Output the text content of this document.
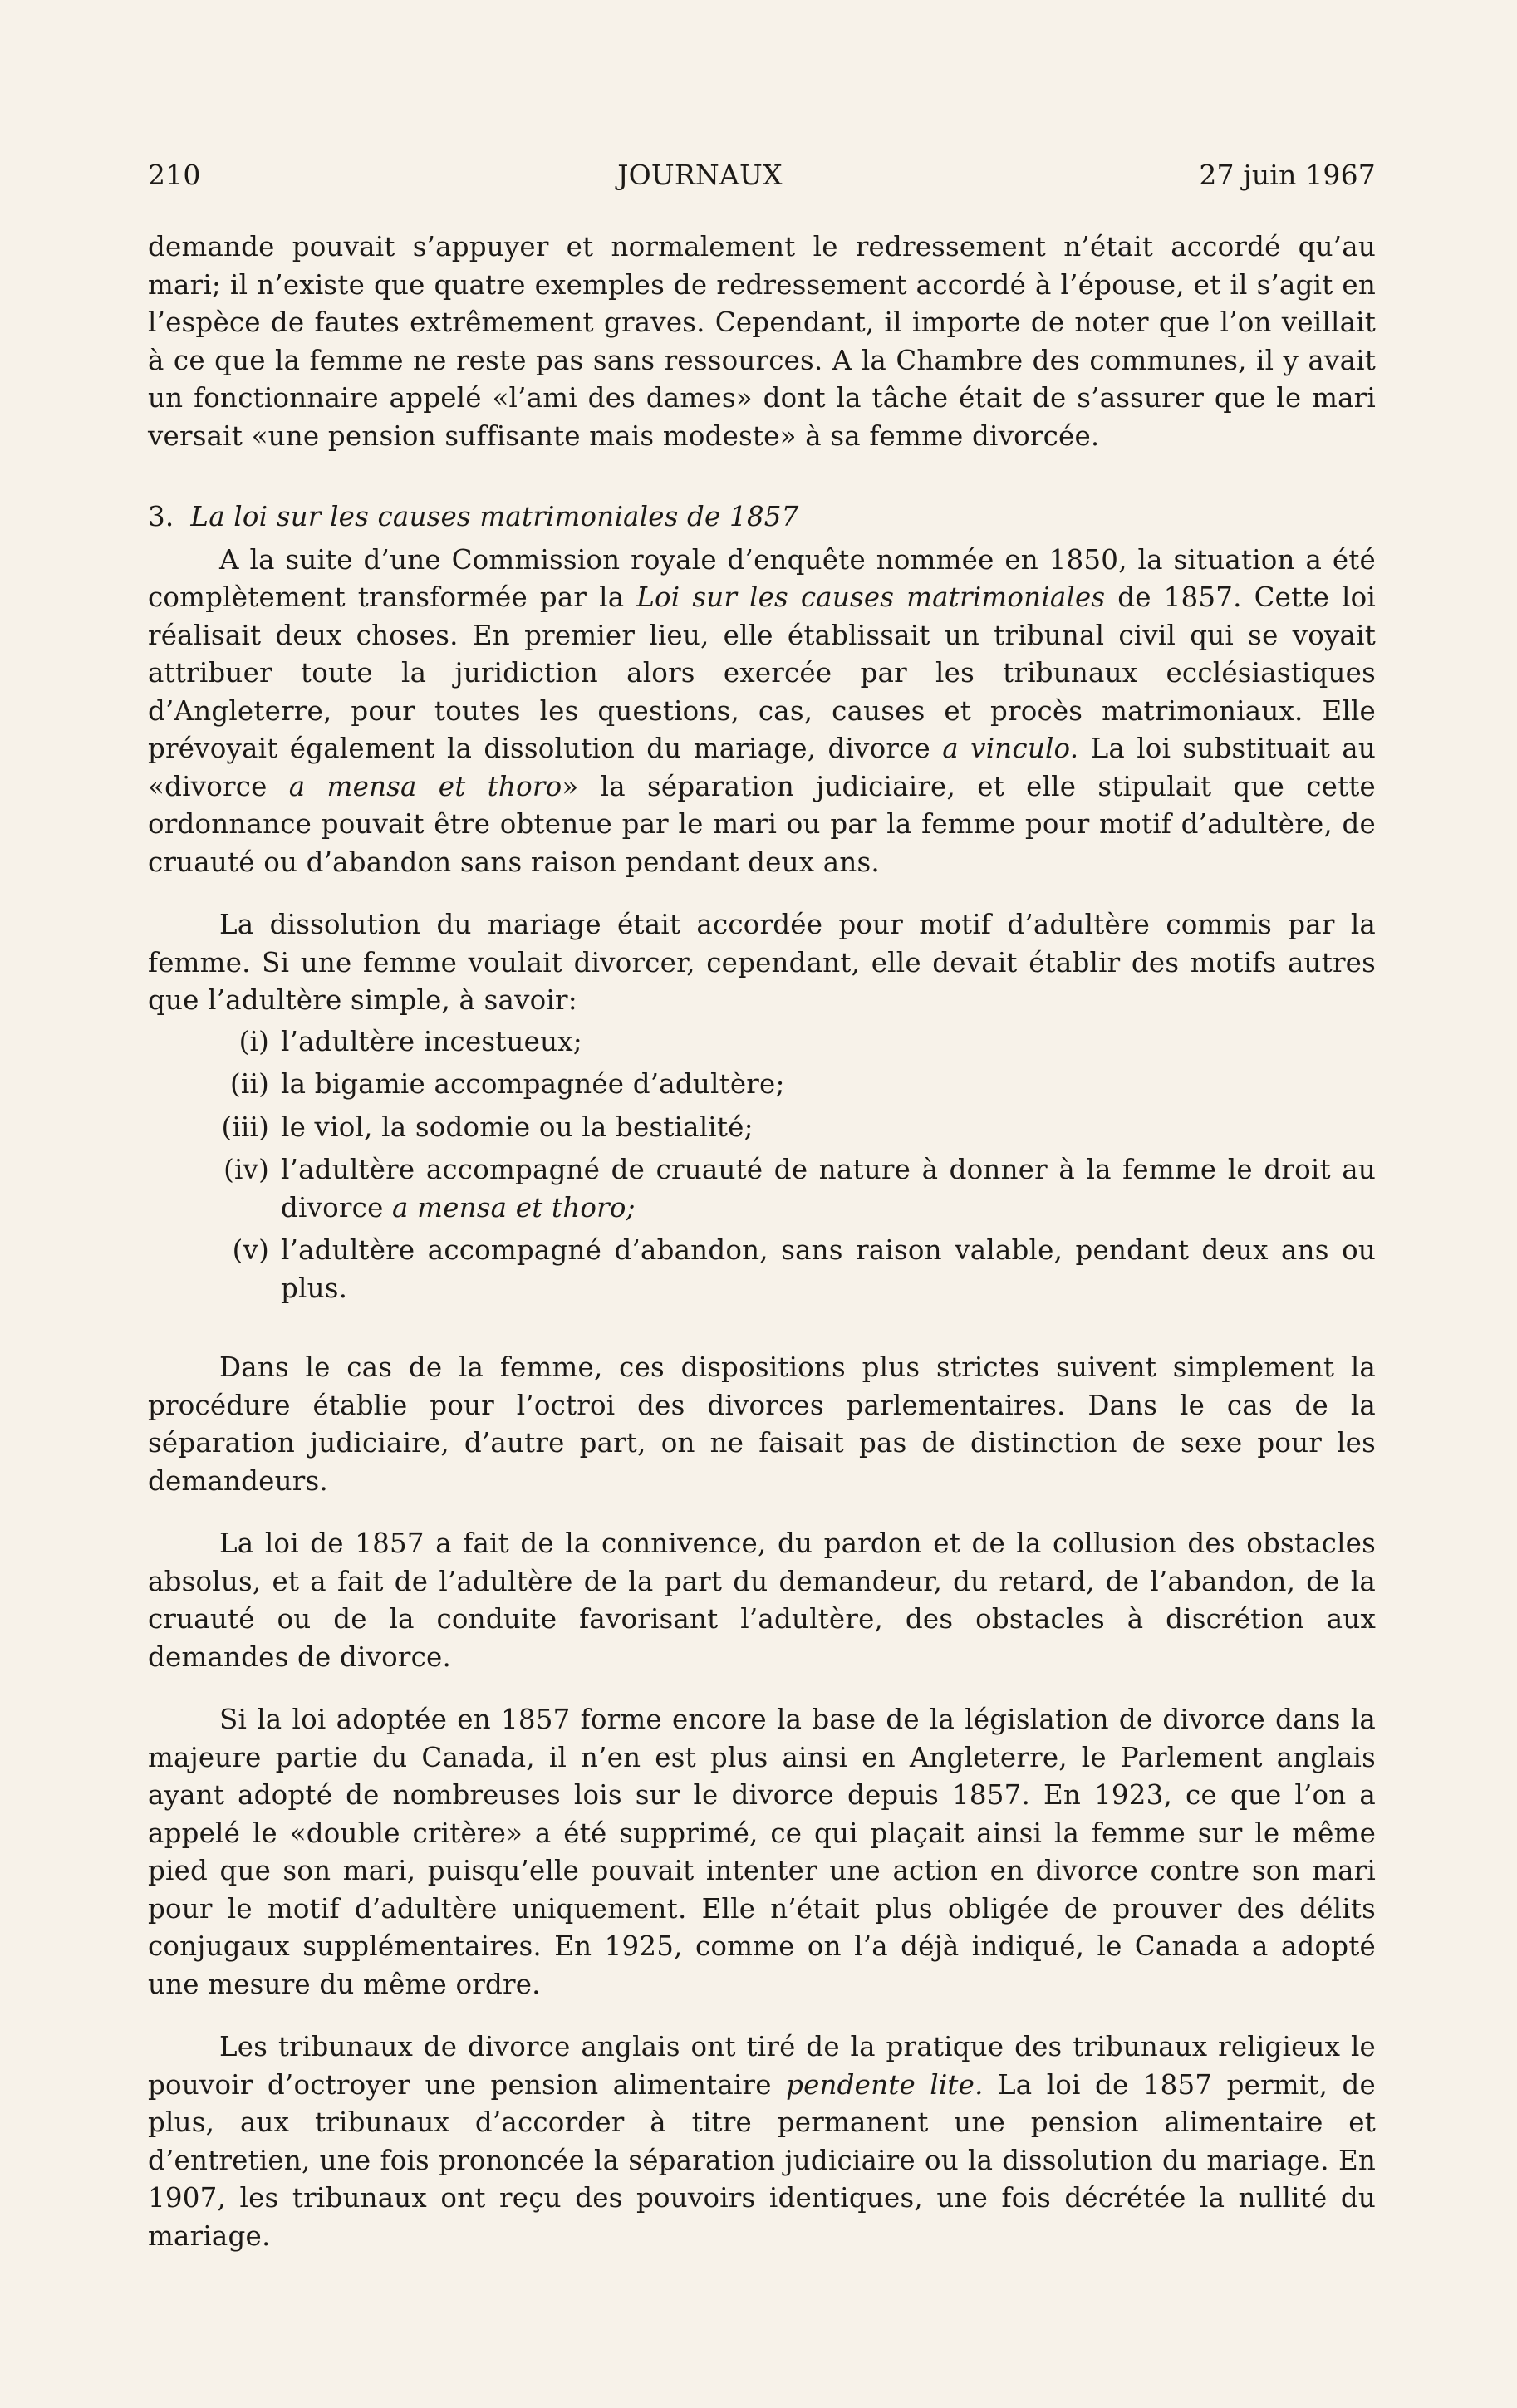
210	JOURNAUX	27 juin 1967

demande pouvait s’appuyer et normalement le redressement n’était accordé qu’au mari; il n’existe que quatre exemples de redressement accordé à l’épouse, et il s’agit en l’espèce de fautes extrêmement graves. Cependant, il importe de noter que l’on veillait à ce que la femme ne reste pas sans ressources. A la Chambre des communes, il y avait un fonctionnaire appelé «l’ami des dames» dont la tâche était de s’assurer que le mari versait «une pension suffisante mais modeste» à sa femme divorcée.

3. La loi sur les causes matrimoniales de 1857

A la suite d’une Commission royale d’enquête nommée en 1850, la situation a été complètement transformée par la Loi sur les causes matrimoniales de 1857. Cette loi réalisait deux choses. En premier lieu, elle établissait un tribunal civil qui se voyait attribuer toute la juridiction alors exercée par les tribunaux ecclésiastiques d’Angleterre, pour toutes les questions, cas, causes et procès matrimoniaux. Elle prévoyait également la dissolution du mariage, divorce a vinculo. La loi substituait au «divorce a mensa et thoro» la séparation judiciaire, et elle stipulait que cette ordonnance pouvait être obtenue par le mari ou par la femme pour motif d’adultère, de cruauté ou d’abandon sans raison pendant deux ans.

La dissolution du mariage était accordée pour motif d’adultère commis par la femme. Si une femme voulait divorcer, cependant, elle devait établir des motifs autres que l’adultère simple, à savoir:

(i) l’adultère incestueux;
(ii) la bigamie accompagnée d’adultère;
(iii) le viol, la sodomie ou la bestialité;
(iv) l’adultère accompagné de cruauté de nature à donner à la femme le droit au divorce a mensa et thoro;
(v) l’adultère accompagné d’abandon, sans raison valable, pendant deux ans ou plus.

Dans le cas de la femme, ces dispositions plus strictes suivent simplement la procédure établie pour l’octroi des divorces parlementaires. Dans le cas de la séparation judiciaire, d’autre part, on ne faisait pas de distinction de sexe pour les demandeurs.

La loi de 1857 a fait de la connivence, du pardon et de la collusion des obstacles absolus, et a fait de l’adultère de la part du demandeur, du retard, de l’abandon, de la cruauté ou de la conduite favorisant l’adultère, des obstacles à discrétion aux demandes de divorce.

Si la loi adoptée en 1857 forme encore la base de la législation de divorce dans la majeure partie du Canada, il n’en est plus ainsi en Angleterre, le Parlement anglais ayant adopté de nombreuses lois sur le divorce depuis 1857. En 1923, ce que l’on a appelé le «double critère» a été supprimé, ce qui plaçait ainsi la femme sur le même pied que son mari, puisqu’elle pouvait intenter une action en divorce contre son mari pour le motif d’adultère uniquement. Elle n’était plus obligée de prouver des délits conjugaux supplémentaires. En 1925, comme on l’a déjà indiqué, le Canada a adopté une mesure du même ordre.

Les tribunaux de divorce anglais ont tiré de la pratique des tribunaux religieux le pouvoir d’octroyer une pension alimentaire pendente lite. La loi de 1857 permit, de plus, aux tribunaux d’accorder à titre permanent une pension alimentaire et d’entretien, une fois prononcée la séparation judiciaire ou la dissolution du mariage. En 1907, les tribunaux ont reçu des pouvoirs identiques, une fois décrétée la nullité du mariage.
